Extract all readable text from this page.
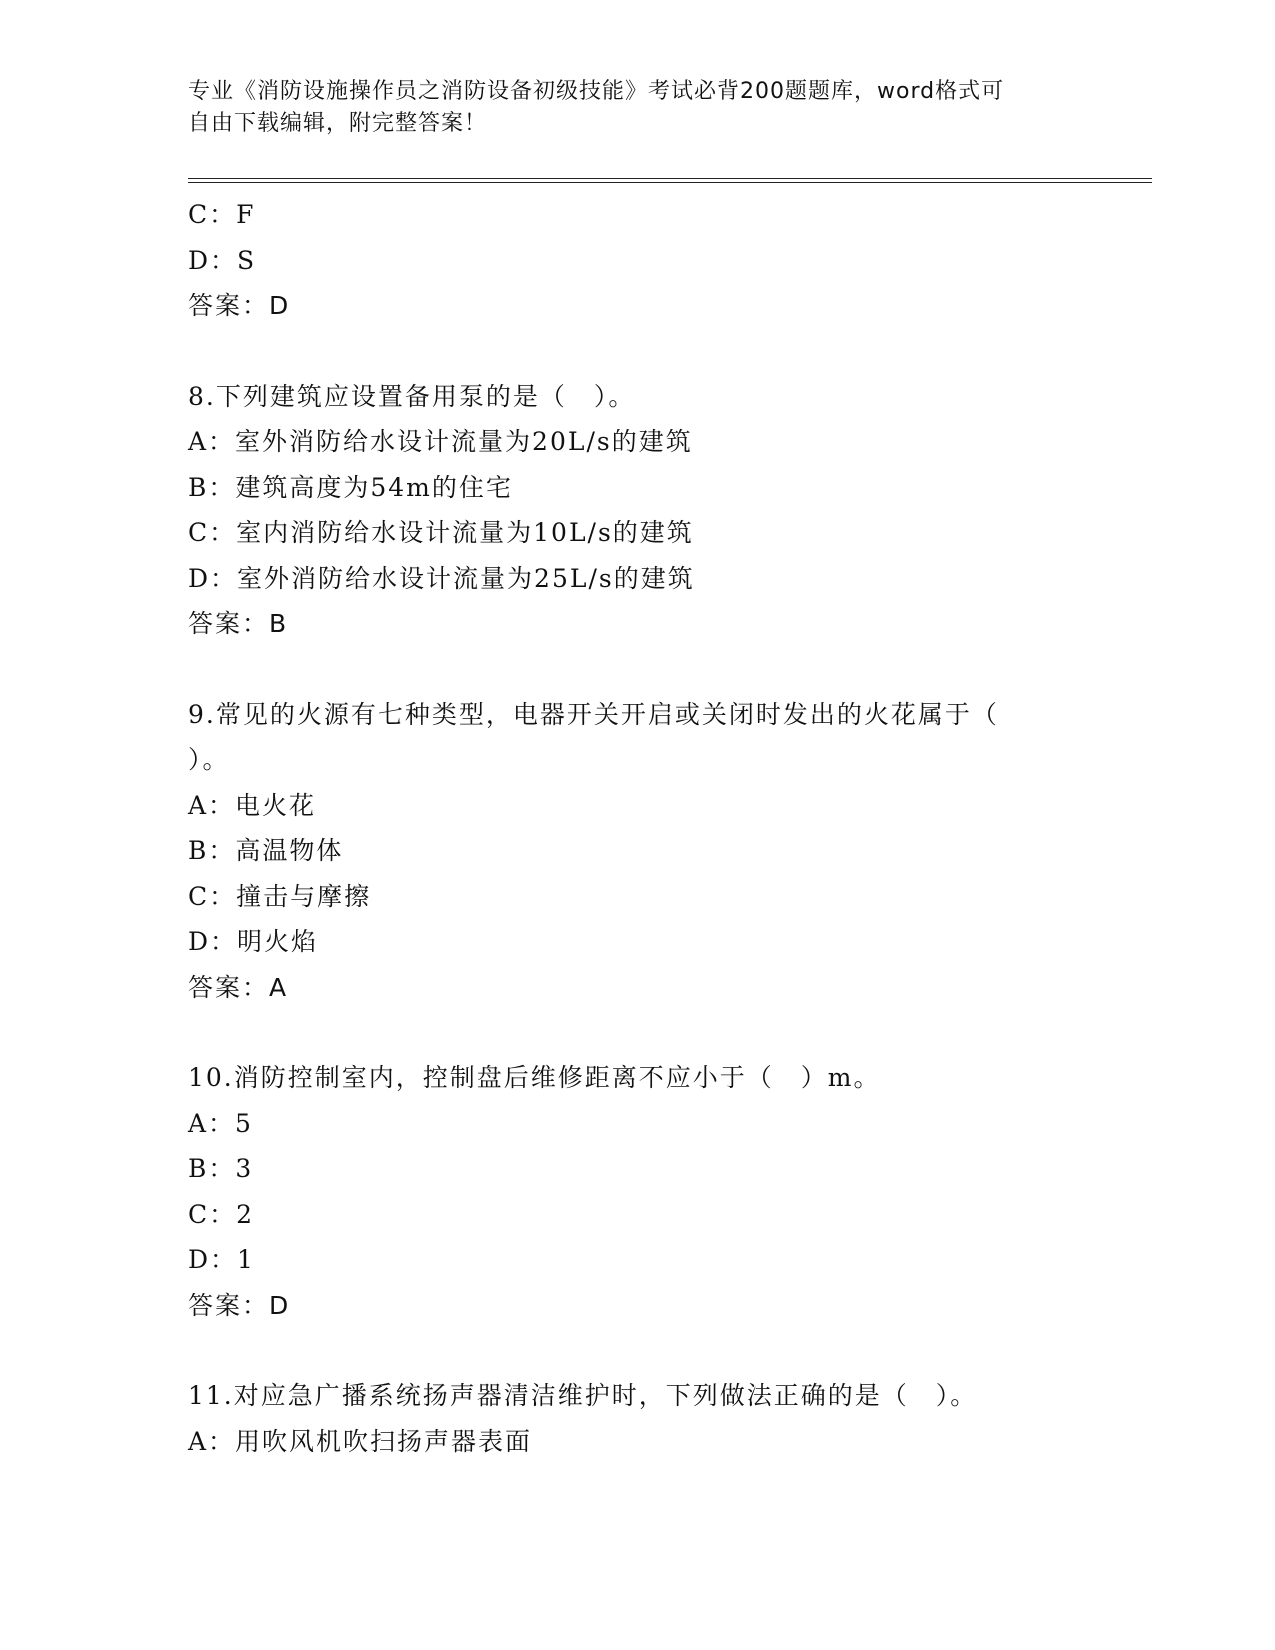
专业《消防设施操作员之消防设备初级技能》考试必背200题题库，word格式可
自由下载编辑，附完整答案！
C：F
D：S
答案：D
8.下列建筑应设置备用泵的是（　）。
A：室外消防给水设计流量为20L/s的建筑
B：建筑高度为54m的住宅
C：室内消防给水设计流量为10L/s的建筑
D：室外消防给水设计流量为25L/s的建筑
答案：B
9.常见的火源有七种类型，电器开关开启或关闭时发出的火花属于（
）。
A：电火花
B：高温物体
C：撞击与摩擦
D：明火焰
答案：A
10.消防控制室内，控制盘后维修距离不应小于（　）m。
A：5
B：3
C：2
D：1
答案：D
11.对应急广播系统扬声器清洁维护时，下列做法正确的是（　）。
A：用吹风机吹扫扬声器表面
